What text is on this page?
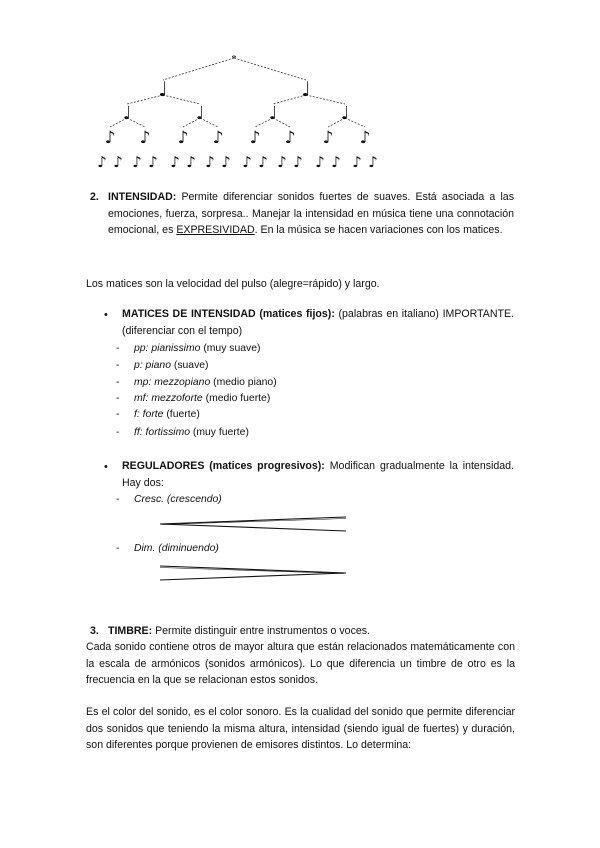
𝅝
♩	♩
♩	♩	♩	♩
♪ ♪ ♪ ♪ ♪ ♪ ♪ ♪
♪ ♪ ♪ ♪ ♪ ♪ ♪ ♪ ♪ ♪ ♪ ♪ ♪ ♪ ♪ ♪
2. INTENSIDAD: Permite diferenciar sonidos fuertes de suaves. Está asociada a las emociones, fuerza, sorpresa.. Manejar la intensidad en música tiene una connotación emocional, es EXPRESIVIDAD. En la música se hacen variaciones con los matices.
Los matices son la velocidad del pulso (alegre=rápido) y largo.
• MATICES DE INTENSIDAD (matices fijos): (palabras en italiano) IMPORTANTE. (diferenciar con el tempo)
- pp: pianissimo (muy suave)
- p: piano (suave)
- mp: mezzopiano (medio piano)
- mf: mezzoforte (medio fuerte)
- f: forte (fuerte)
- ff: fortissimo (muy fuerte)
• REGULADORES (matices progresivos): Modifican gradualmente la intensidad. Hay dos:
- Cresc. (crescendo)
- Dim. (diminuendo)
3. TIMBRE: Permite distinguir entre instrumentos o voces.
Cada sonido contiene otros de mayor altura que están relacionados matemáticamente con la escala de armónicos (sonidos armónicos). Lo que diferencia un timbre de otro es la frecuencia en la que se relacionan estos sonidos.
Es el color del sonido, es el color sonoro. Es la cualidad del sonido que permite diferenciar dos sonidos que teniendo la misma altura, intensidad (siendo igual de fuertes) y duración, son diferentes porque provienen de emisores distintos. Lo determina:
